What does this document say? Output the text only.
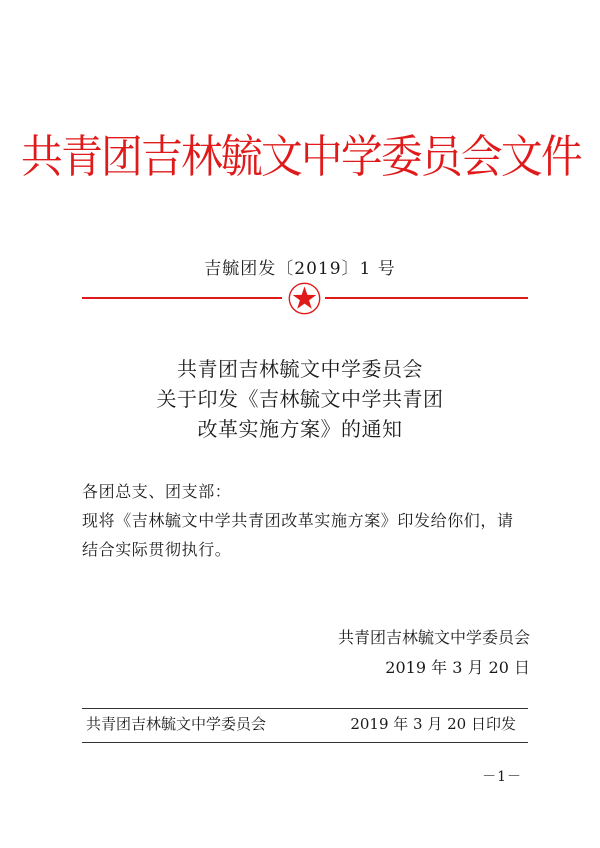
共青团吉林毓文中学委员会文件
吉毓团发〔2019〕1 号
共青团吉林毓文中学委员会
关于印发《吉林毓文中学共青团
改革实施方案》的通知

各团总支、团支部：

现将《吉林毓文中学共青团改革实施方案》印发给你们，请

结合实际贯彻执行。

共青团吉林毓文中学委员会
2019 年 3 月 20 日
共青团吉林毓文中学委员会	2019 年 3 月 20 日印发
－1－
